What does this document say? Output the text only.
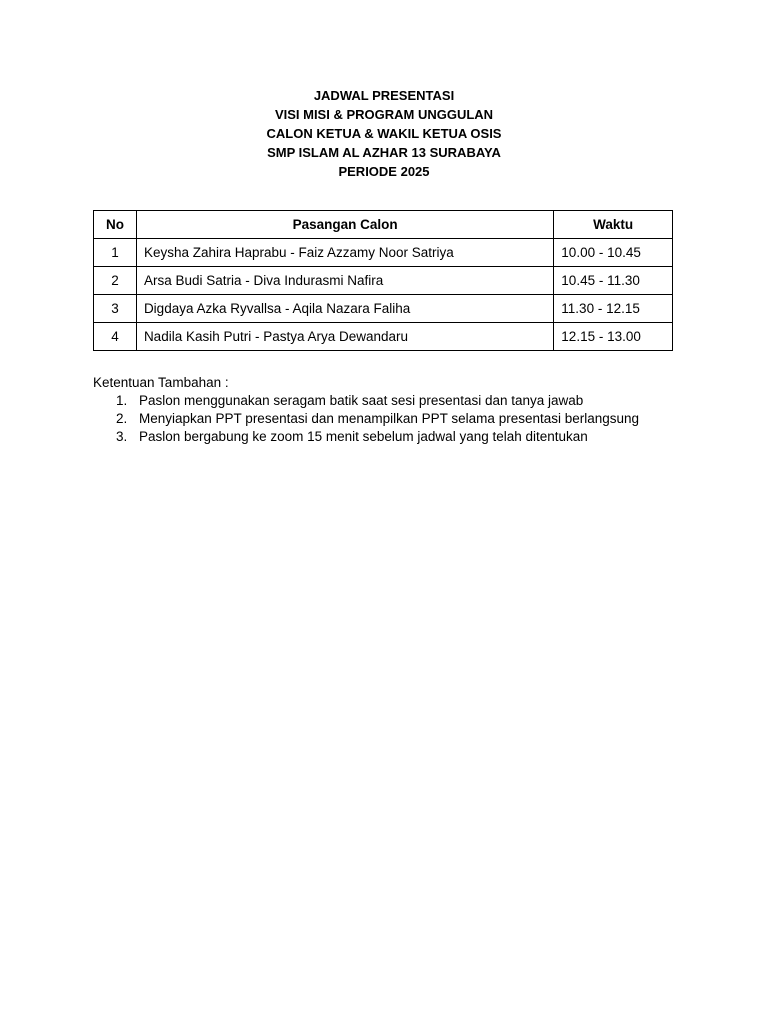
JADWAL PRESENTASI
VISI MISI & PROGRAM UNGGULAN
CALON KETUA & WAKIL KETUA OSIS
SMP ISLAM AL AZHAR 13 SURABAYA
PERIODE 2025
No	Pasangan Calon	Waktu
1	Keysha Zahira Haprabu - Faiz Azzamy Noor Satriya	10.00 - 10.45
2	Arsa Budi Satria - Diva Indurasmi Nafira	10.45 - 11.30
3	Digdaya Azka Ryvallsa - Aqila Nazara Faliha	11.30 - 12.15
4	Nadila Kasih Putri - Pastya Arya Dewandaru	12.15 - 13.00
Ketentuan Tambahan :
1. Paslon menggunakan seragam batik saat sesi presentasi dan tanya jawab
2. Menyiapkan PPT presentasi dan menampilkan PPT selama presentasi berlangsung
3. Paslon bergabung ke zoom 15 menit sebelum jadwal yang telah ditentukan
